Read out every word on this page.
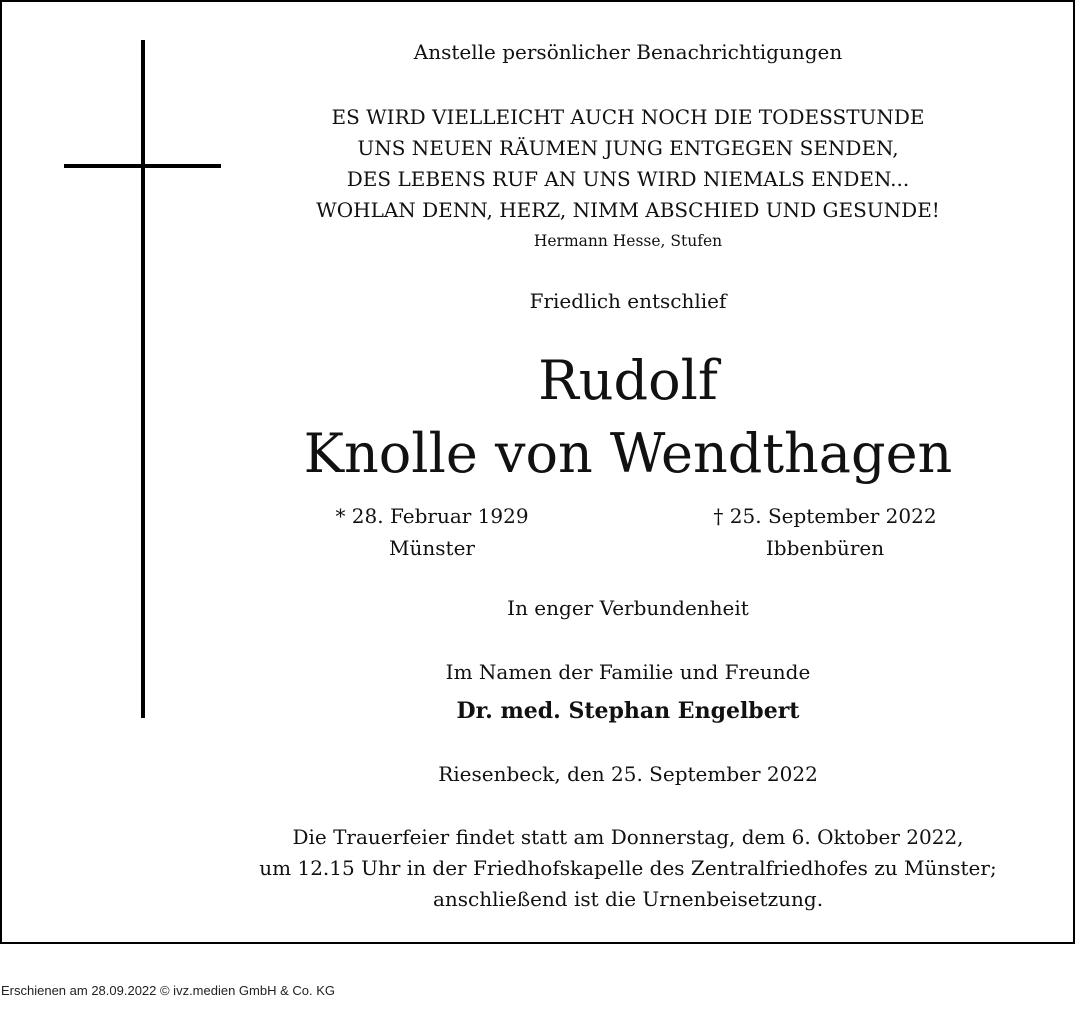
Anstelle persönlicher Benachrichtigungen
ES WIRD VIELLEICHT AUCH NOCH DIE TODESSTUNDE
UNS NEUEN RÄUMEN JUNG ENTGEGEN SENDEN,
DES LEBENS RUF AN UNS WIRD NIEMALS ENDEN...
WOHLAN DENN, HERZ, NIMM ABSCHIED UND GESUNDE!
Hermann Hesse, Stufen
Friedlich entschlief
Rudolf
Knolle von Wendthagen
* 28. Februar 1929
Münster
† 25. September 2022
Ibbenbüren
In enger Verbundenheit
Im Namen der Familie und Freunde
Dr. med. Stephan Engelbert
Riesenbeck, den 25. September 2022
Die Trauerfeier findet statt am Donnerstag, dem 6. Oktober 2022,
um 12.15 Uhr in der Friedhofskapelle des Zentralfriedhofes zu Münster;
anschließend ist die Urnenbeisetzung.
Erschienen am 28.09.2022 © ivz.medien GmbH & Co. KG
